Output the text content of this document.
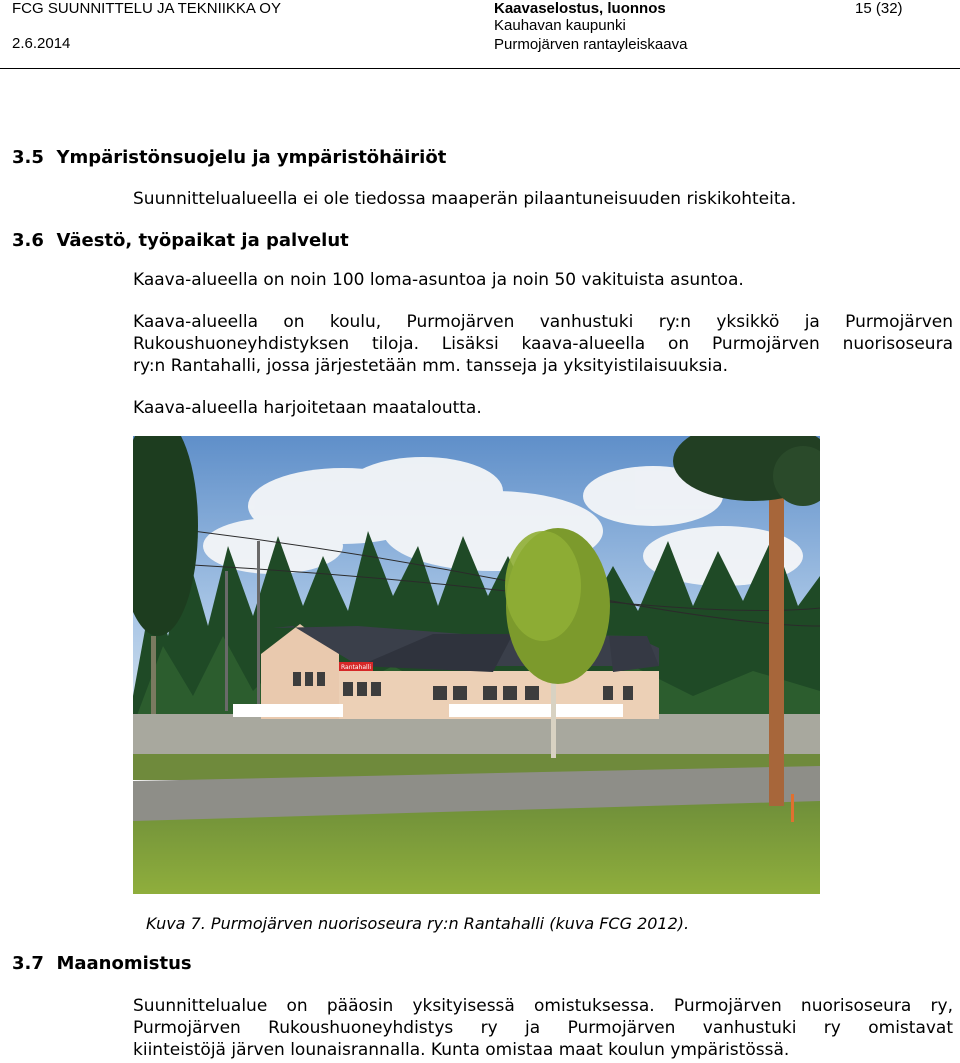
FCG SUUNNITTELU JA TEKNIIKKA OY
2.6.2014
Kaavaselostus, luonnos
Kauhavan kaupunki
Purmojärven rantayleiskaava
15 (32)
3.5 Ympäristönsuojelu ja ympäristöhäiriöt
Suunnittelualueella ei ole tiedossa maaperän pilaantuneisuuden riskikohteita.
3.6 Väestö, työpaikat ja palvelut
Kaava-alueella on noin 100 loma-asuntoa ja noin 50 vakituista asuntoa.
Kaava-alueella on koulu, Purmojärven vanhustuki ry:n yksikkö ja Purmojärven
Rukoushuoneyhdistyksen tiloja. Lisäksi kaava-alueella on Purmojärven nuorisoseura
ry:n Rantahalli, jossa järjestetään mm. tansseja ja yksityistilaisuuksia.
Kaava-alueella harjoitetaan maataloutta.
Rantahalli
Kuva 7. Purmojärven nuorisoseura ry:n Rantahalli (kuva FCG 2012).
3.7 Maanomistus
Suunnittelualue on pääosin yksityisessä omistuksessa. Purmojärven nuorisoseura ry,
Purmojärven Rukoushuoneyhdistys ry ja Purmojärven vanhustuki ry omistavat
kiinteistöjä järven lounaisrannalla. Kunta omistaa maat koulun ympäristössä.
